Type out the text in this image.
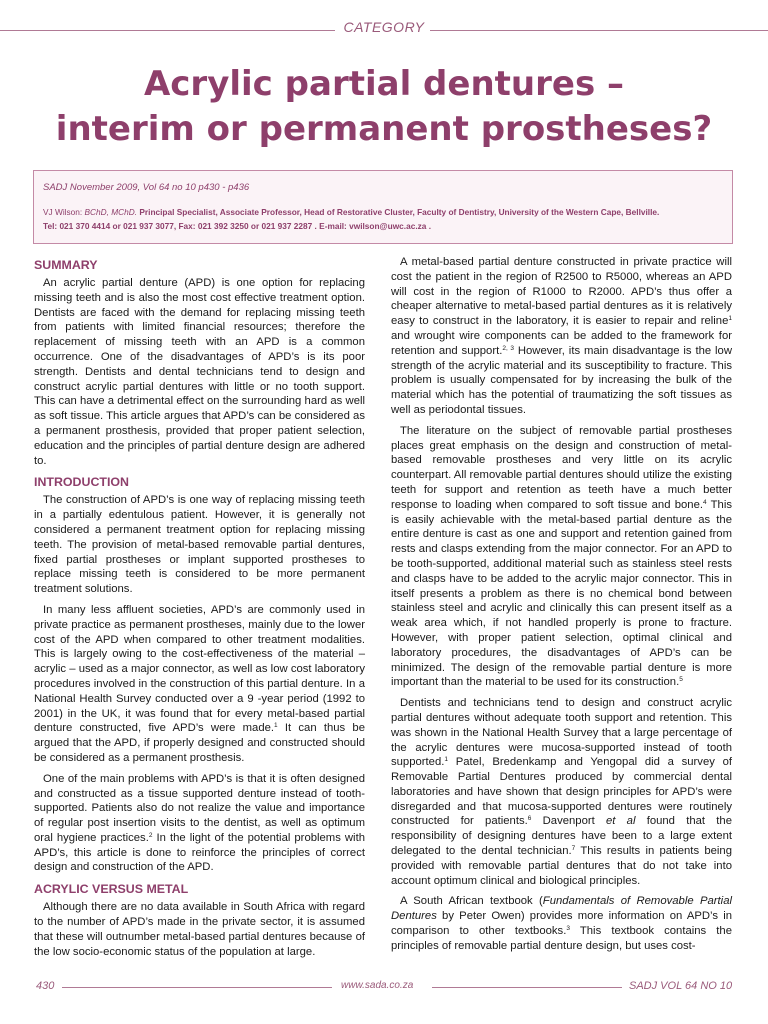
CATEGORY
Acrylic partial dentures –
interim or permanent prostheses?
SADJ November 2009, Vol 64 no 10 p430 - p436
VJ Wilson: BChD, MChD. Principal Specialist, Associate Professor, Head of Restorative Cluster, Faculty of Dentistry, University of the Western Cape, Bellville.
Tel: 021 370 4414 or 021 937 3077, Fax: 021 392 3250 or 021 937 2287 . E-mail: vwilson@uwc.ac.za .
SUMMARY

An acrylic partial denture (APD) is one option for replacing missing teeth and is also the most cost effective treatment option. Dentists are faced with the demand for replacing missing teeth from patients with limited financial resources; therefore the replacement of missing teeth with an APD is a common occurrence. One of the disadvantages of APD’s is its poor strength. Dentists and dental technicians tend to design and construct acrylic partial dentures with little or no tooth support. This can have a detrimental effect on the surrounding hard as well as soft tissue. This article argues that APD’s can be considered as a permanent prosthesis, provided that proper patient selection, education and the principles of partial denture design are adhered to.

INTRODUCTION

The construction of APD’s is one way of replacing missing teeth in a partially edentulous patient. However, it is generally not considered a permanent treatment option for replacing missing teeth. The provision of metal-based removable partial dentures, fixed partial prostheses or implant supported prostheses to replace missing teeth is considered to be more permanent treatment solutions.

In many less affluent societies, APD’s are commonly used in private practice as permanent prostheses, mainly due to the lower cost of the APD when compared to other treatment modalities. This is largely owing to the cost-effectiveness of the material – acrylic – used as a major connector, as well as low cost laboratory procedures involved in the construction of this partial denture. In a National Health Survey conducted over a 9 -year period (1992 to 2001) in the UK, it was found that for every metal-based partial denture constructed, five APD’s were made.$^1$ It can thus be argued that the APD, if properly designed and constructed should be considered as a permanent prosthesis.

One of the main problems with APD’s is that it is often designed and constructed as a tissue supported denture instead of tooth-supported. Patients also do not realize the value and importance of regular post insertion visits to the dentist, as well as optimum oral hygiene practices.$^2$ In the light of the potential problems with APD’s, this article is done to reinforce the principles of correct design and construction of the APD.

ACRYLIC VERSUS METAL

Although there are no data available in South Africa with regard to the number of APD’s made in the private sector, it is assumed that these will outnumber metal-based partial dentures because of the low socio-economic status of the population at large.

A metal-based partial denture constructed in private practice will cost the patient in the region of R2500 to R5000, whereas an APD will cost in the region of R1000 to R2000. APD’s thus offer a cheaper alternative to metal-based partial dentures as it is relatively easy to construct in the laboratory, it is easier to repair and reline$^1$ and wrought wire components can be added to the framework for retention and support.$^{2, 3}$ However, its main disadvantage is the low strength of the acrylic material and its susceptibility to fracture. This problem is usually compensated for by increasing the bulk of the material which has the potential of traumatizing the soft tissues as well as periodontal tissues.

The literature on the subject of removable partial prostheses places great emphasis on the design and construction of metal-based removable prostheses and very little on its acrylic counterpart. All removable partial dentures should utilize the existing teeth for support and retention as teeth have a much better response to loading when compared to soft tissue and bone.$^4$ This is easily achievable with the metal-based partial denture as the entire denture is cast as one and support and retention gained from rests and clasps extending from the major connector. For an APD to be tooth-supported, additional material such as stainless steel rests and clasps have to be added to the acrylic major connector. This in itself presents a problem as there is no chemical bond between stainless steel and acrylic and clinically this can present itself as a weak area which, if not handled properly is prone to fracture. However, with proper patient selection, optimal clinical and laboratory procedures, the disadvantages of APD’s can be minimized. The design of the removable partial denture is more important than the material to be used for its construction.$^5$

Dentists and technicians tend to design and construct acrylic partial dentures without adequate tooth support and retention. This was shown in the National Health Survey that a large percentage of the acrylic dentures were mucosa-supported instead of tooth supported.$^1$ Patel, Bredenkamp and Yengopal did a survey of Removable Partial Dentures produced by commercial dental laboratories and have shown that design principles for APD’s were disregarded and that mucosa-supported dentures were routinely constructed for patients.$^6$ Davenport et al found that the responsibility of designing dentures have been to a large extent delegated to the dental technician.$^7$ This results in patients being provided with removable partial dentures that do not take into account optimum clinical and biological principles.

A South African textbook (Fundamentals of Removable Partial Dentures by Peter Owen) provides more information on APD’s in comparison to other textbooks.$^3$ This textbook contains the principles of removable partial denture design, but uses cost-

430	www.sada.co.za	SADJ VOL 64 NO 10
